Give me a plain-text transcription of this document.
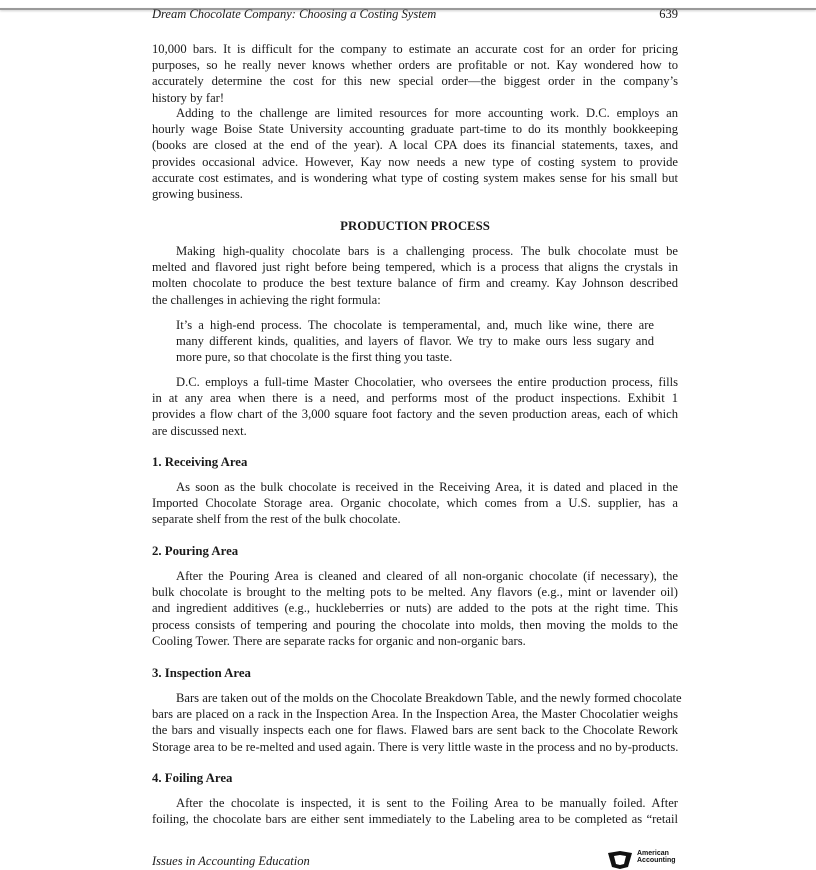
Dream Chocolate Company: Choosing a Costing System	639
10,000 bars. It is difficult for the company to estimate an accurate cost for an order for pricing
purposes, so he really never knows whether orders are profitable or not. Kay wondered how to
accurately determine the cost for this new special order—the biggest order in the company’s
history by far!
Adding to the challenge are limited resources for more accounting work. D.C. employs an
hourly wage Boise State University accounting graduate part-time to do its monthly bookkeeping
(books are closed at the end of the year). A local CPA does its financial statements, taxes, and
provides occasional advice. However, Kay now needs a new type of costing system to provide
accurate cost estimates, and is wondering what type of costing system makes sense for his small but
growing business.
PRODUCTION PROCESS
Making high-quality chocolate bars is a challenging process. The bulk chocolate must be
melted and flavored just right before being tempered, which is a process that aligns the crystals in
molten chocolate to produce the best texture balance of firm and creamy. Kay Johnson described
the challenges in achieving the right formula:
It’s a high-end process. The chocolate is temperamental, and, much like wine, there are
many different kinds, qualities, and layers of flavor. We try to make ours less sugary and
more pure, so that chocolate is the first thing you taste.
D.C. employs a full-time Master Chocolatier, who oversees the entire production process, fills
in at any area when there is a need, and performs most of the product inspections. Exhibit 1
provides a flow chart of the 3,000 square foot factory and the seven production areas, each of which
are discussed next.
1. Receiving Area
As soon as the bulk chocolate is received in the Receiving Area, it is dated and placed in the
Imported Chocolate Storage area. Organic chocolate, which comes from a U.S. supplier, has a
separate shelf from the rest of the bulk chocolate.
2. Pouring Area
After the Pouring Area is cleaned and cleared of all non-organic chocolate (if necessary), the
bulk chocolate is brought to the melting pots to be melted. Any flavors (e.g., mint or lavender oil)
and ingredient additives (e.g., huckleberries or nuts) are added to the pots at the right time. This
process consists of tempering and pouring the chocolate into molds, then moving the molds to the
Cooling Tower. There are separate racks for organic and non-organic bars.
3. Inspection Area
Bars are taken out of the molds on the Chocolate Breakdown Table, and the newly formed chocolate
bars are placed on a rack in the Inspection Area. In the Inspection Area, the Master Chocolatier weighs
the bars and visually inspects each one for flaws. Flawed bars are sent back to the Chocolate Rework
Storage area to be re-melted and used again. There is very little waste in the process and no by-products.
4. Foiling Area
After the chocolate is inspected, it is sent to the Foiling Area to be manually foiled. After
foiling, the chocolate bars are either sent immediately to the Labeling area to be completed as “retail
Issues in Accounting Education
American
Accounting
